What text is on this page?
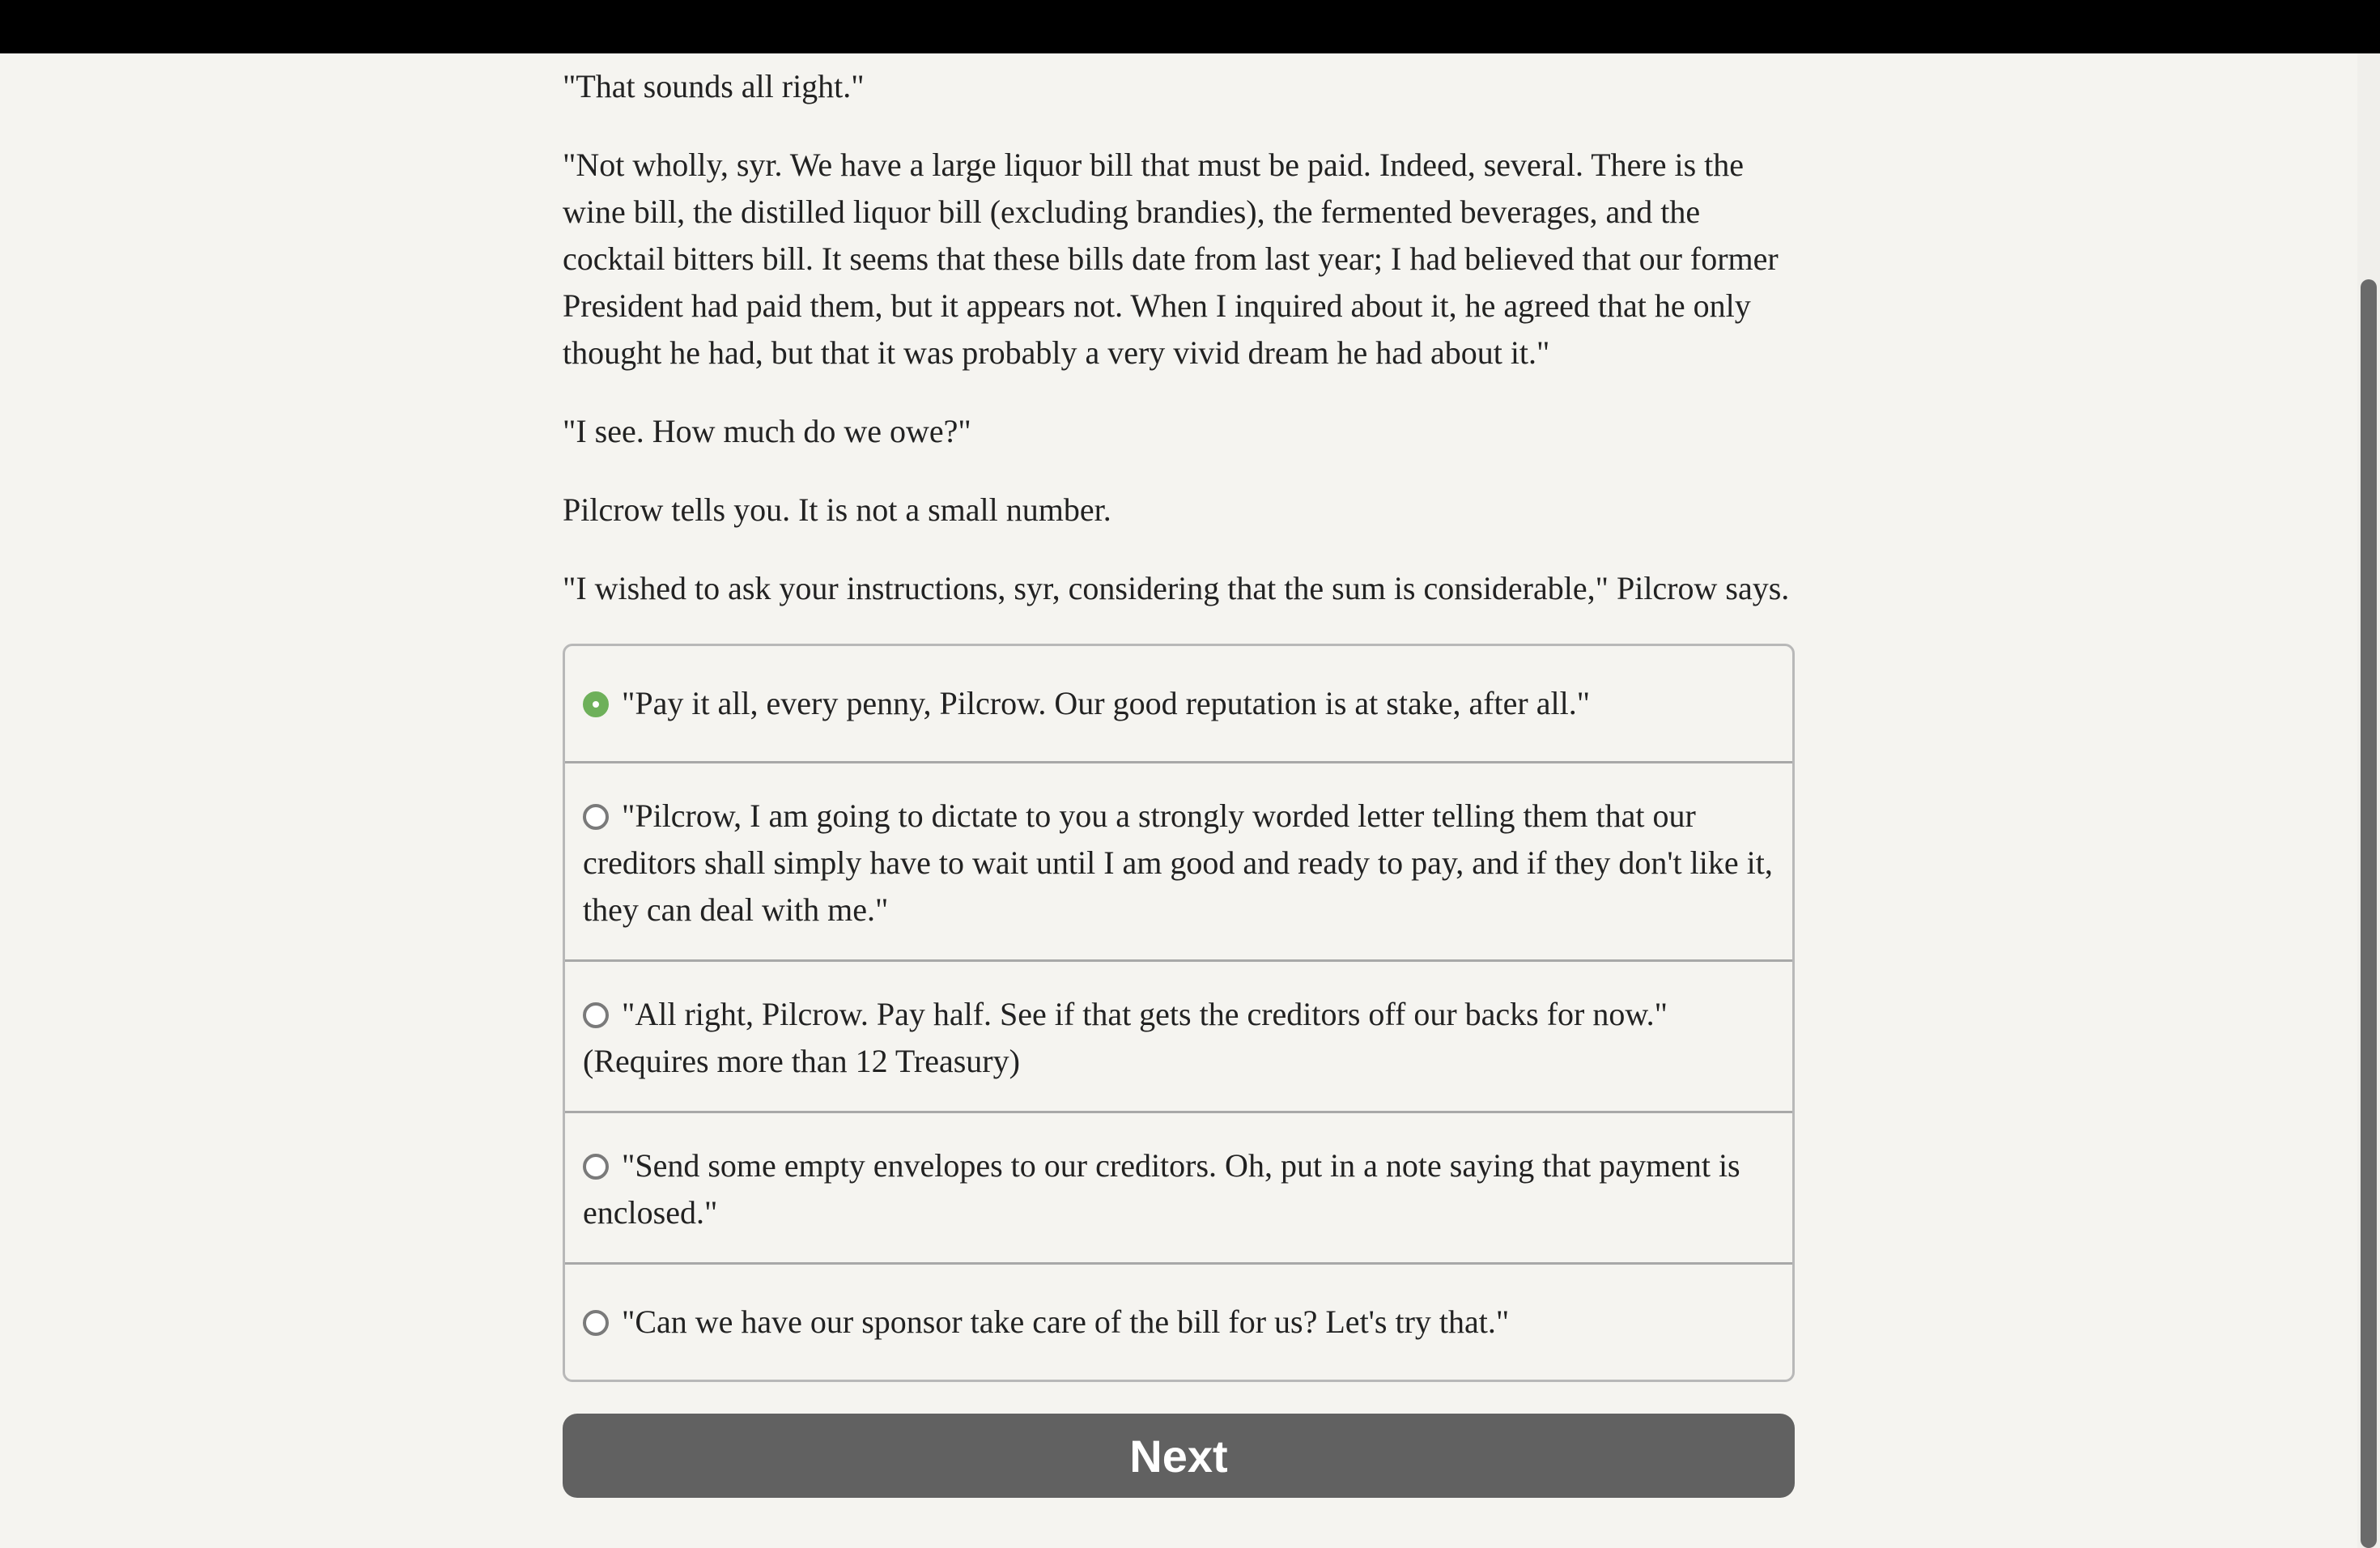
"That sounds all right."

"Not wholly, syr. We have a large liquor bill that must be paid. Indeed, several. There is the wine bill, the distilled liquor bill (excluding brandies), the fermented beverages, and the cocktail bitters bill. It seems that these bills date from last year; I had believed that our former President had paid them, but it appears not. When I inquired about it, he agreed that he only thought he had, but that it was probably a very vivid dream he had about it."

"I see. How much do we owe?"

Pilcrow tells you. It is not a small number.

"I wished to ask your instructions, syr, considering that the sum is considerable," Pilcrow says.

"Pay it all, every penny, Pilcrow. Our good reputation is at stake, after all."
"Pilcrow, I am going to dictate to you a strongly worded letter telling them that our creditors shall simply have to wait until I am good and ready to pay, and if they don't like it, they can deal with me."
"All right, Pilcrow. Pay half. See if that gets the creditors off our backs for now." (Requires more than 12 Treasury)
"Send some empty envelopes to our creditors. Oh, put in a note saying that payment is enclosed."
"Can we have our sponsor take care of the bill for us? Let's try that."
Next
